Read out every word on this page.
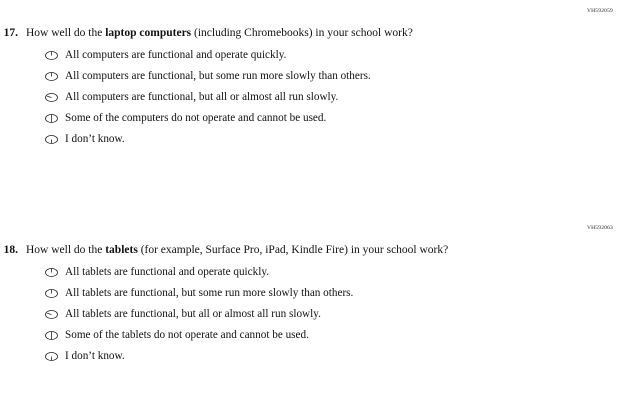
VH592059
17. How well do the laptop computers (including Chromebooks) in your school work?
All computers are functional and operate quickly.
All computers are functional, but some run more slowly than others.
All computers are functional, but all or almost all run slowly.
Some of the computers do not operate and cannot be used.
I don’t know.
VH592063
18. How well do the tablets (for example, Surface Pro, iPad, Kindle Fire) in your school work?
All tablets are functional and operate quickly.
All tablets are functional, but some run more slowly than others.
All tablets are functional, but all or almost all run slowly.
Some of the tablets do not operate and cannot be used.
I don’t know.
